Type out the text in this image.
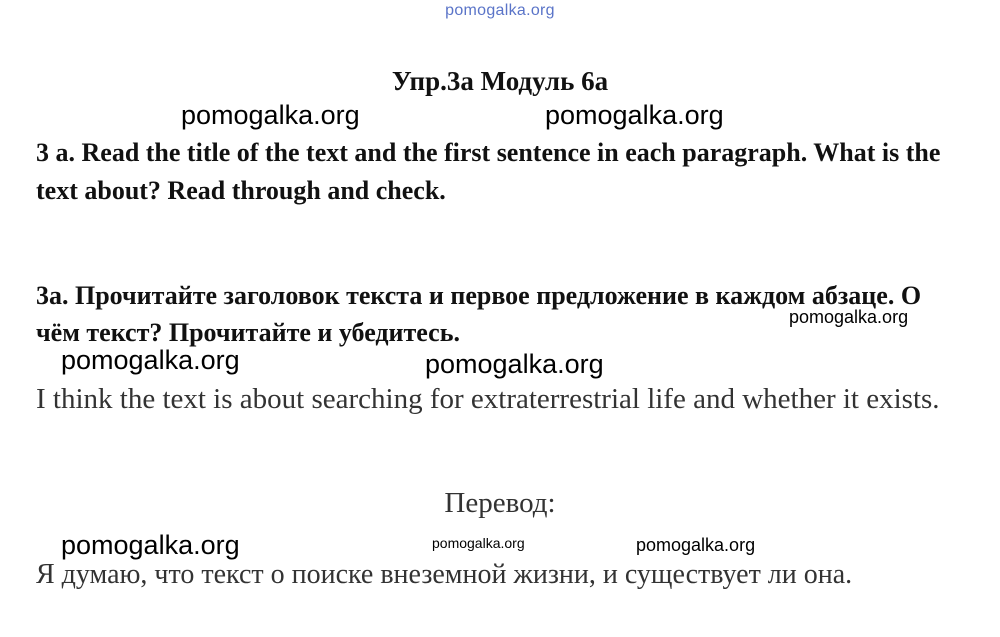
pomogalka.org
Упр.3а Модуль 6а
3 a. Read the title of the text and the first sentence in each paragraph. What is the text about? Read through and check.
3а. Прочитайте заголовок текста и первое предложение в каждом абзаце. О чём текст? Прочитайте и убедитесь.
I think the text is about searching for extraterrestrial life and whether it exists.
Перевод:
Я думаю, что текст о поиске внеземной жизни, и существует ли она.
pomogalka.org	pomogalka.org
pomogalka.org
pomogalka.org	pomogalka.org
pomogalka.org	pomogalka.org	pomogalka.org
